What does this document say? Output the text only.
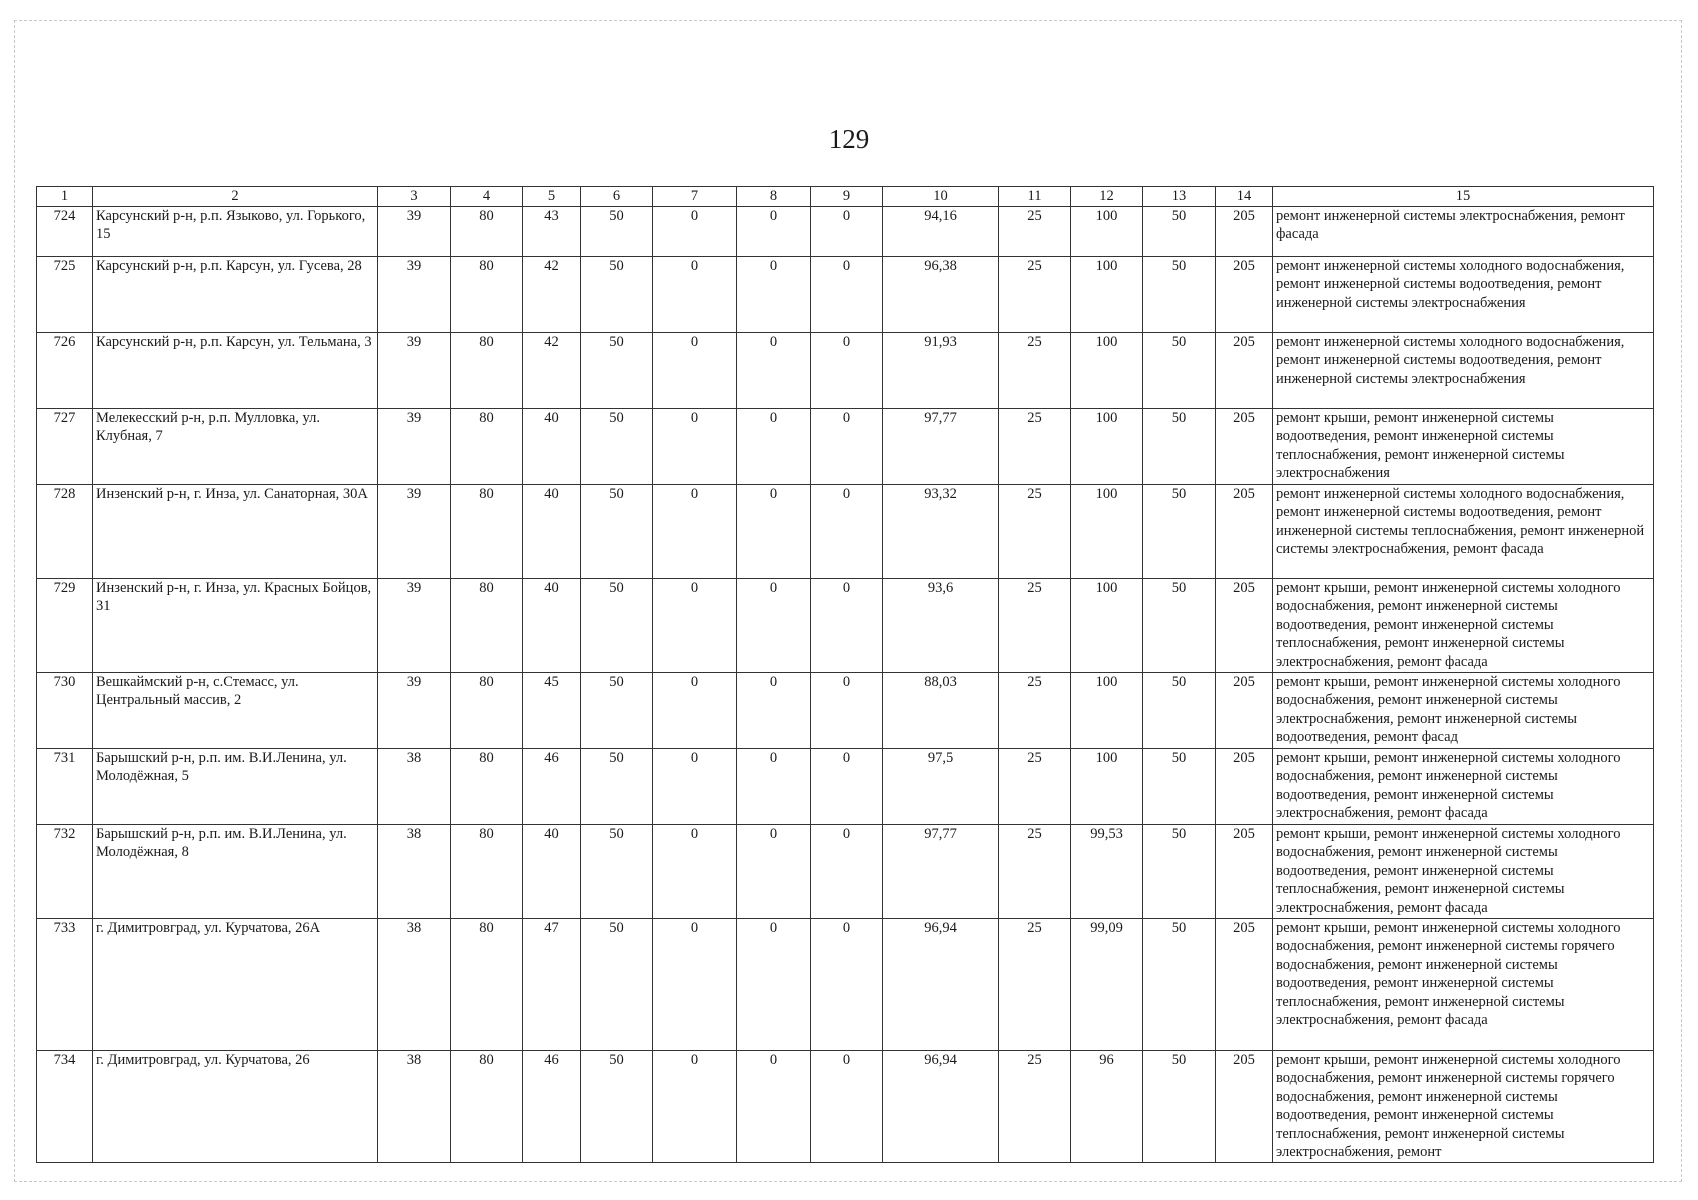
129
1	2	3	4	5	6	7	8	9	10	11	12	13	14	15
724	Карсунский р-н, р.п. Языково, ул. Горького, 15	39	80	43	50	0	0	0	94,16	25	100	50	205	ремонт инженерной системы электроснабжения, ремонт фасада
725	Карсунский р-н, р.п. Карсун, ул. Гусева, 28	39	80	42	50	0	0	0	96,38	25	100	50	205	ремонт инженерной системы холодного водоснабжения, ремонт инженерной системы водоотведения, ремонт инженерной системы электроснабжения
726	Карсунский р-н, р.п. Карсун, ул. Тельмана, 3	39	80	42	50	0	0	0	91,93	25	100	50	205	ремонт инженерной системы холодного водоснабжения, ремонт инженерной системы водоотведения, ремонт инженерной системы электроснабжения
727	Мелекесский р-н, р.п. Мулловка, ул. Клубная, 7	39	80	40	50	0	0	0	97,77	25	100	50	205	ремонт крыши, ремонт инженерной системы водоотведения, ремонт инженерной системы теплоснабжения, ремонт инженерной системы электроснабжения
728	Инзенский р-н, г. Инза, ул. Санаторная, 30А	39	80	40	50	0	0	0	93,32	25	100	50	205	ремонт инженерной системы холодного водоснабжения, ремонт инженерной системы водоотведения, ремонт инженерной системы теплоснабжения, ремонт инженерной системы электроснабжения, ремонт фасада
729	Инзенский р-н, г. Инза, ул. Красных Бойцов, 31	39	80	40	50	0	0	0	93,6	25	100	50	205	ремонт крыши, ремонт инженерной системы холодного водоснабжения, ремонт инженерной системы водоотведения, ремонт инженерной системы теплоснабжения, ремонт инженерной системы электроснабжения, ремонт фасада
730	Вешкаймский р-н, с.Стемасс, ул. Центральный массив, 2	39	80	45	50	0	0	0	88,03	25	100	50	205	ремонт крыши, ремонт инженерной системы холодного водоснабжения, ремонт инженерной системы электроснабжения, ремонт инженерной системы водоотведения, ремонт фасад
731	Барышский р-н, р.п. им. В.И.Ленина, ул. Молодёжная, 5	38	80	46	50	0	0	0	97,5	25	100	50	205	ремонт крыши, ремонт инженерной системы холодного водоснабжения, ремонт инженерной системы водоотведения, ремонт инженерной системы электроснабжения, ремонт фасада
732	Барышский р-н, р.п. им. В.И.Ленина, ул. Молодёжная, 8	38	80	40	50	0	0	0	97,77	25	99,53	50	205	ремонт крыши, ремонт инженерной системы холодного водоснабжения, ремонт инженерной системы водоотведения, ремонт инженерной системы теплоснабжения, ремонт инженерной системы электроснабжения, ремонт фасада
733	г. Димитровград, ул. Курчатова, 26А	38	80	47	50	0	0	0	96,94	25	99,09	50	205	ремонт крыши, ремонт инженерной системы холодного водоснабжения, ремонт инженерной системы горячего водоснабжения, ремонт инженерной системы водоотведения, ремонт инженерной системы теплоснабжения, ремонт инженерной системы электроснабжения, ремонт фасада
734	г. Димитровград, ул. Курчатова, 26	38	80	46	50	0	0	0	96,94	25	96	50	205	ремонт крыши, ремонт инженерной системы холодного водоснабжения, ремонт инженерной системы горячего водоснабжения, ремонт инженерной системы водоотведения, ремонт инженерной системы теплоснабжения, ремонт инженерной системы электроснабжения, ремонт
